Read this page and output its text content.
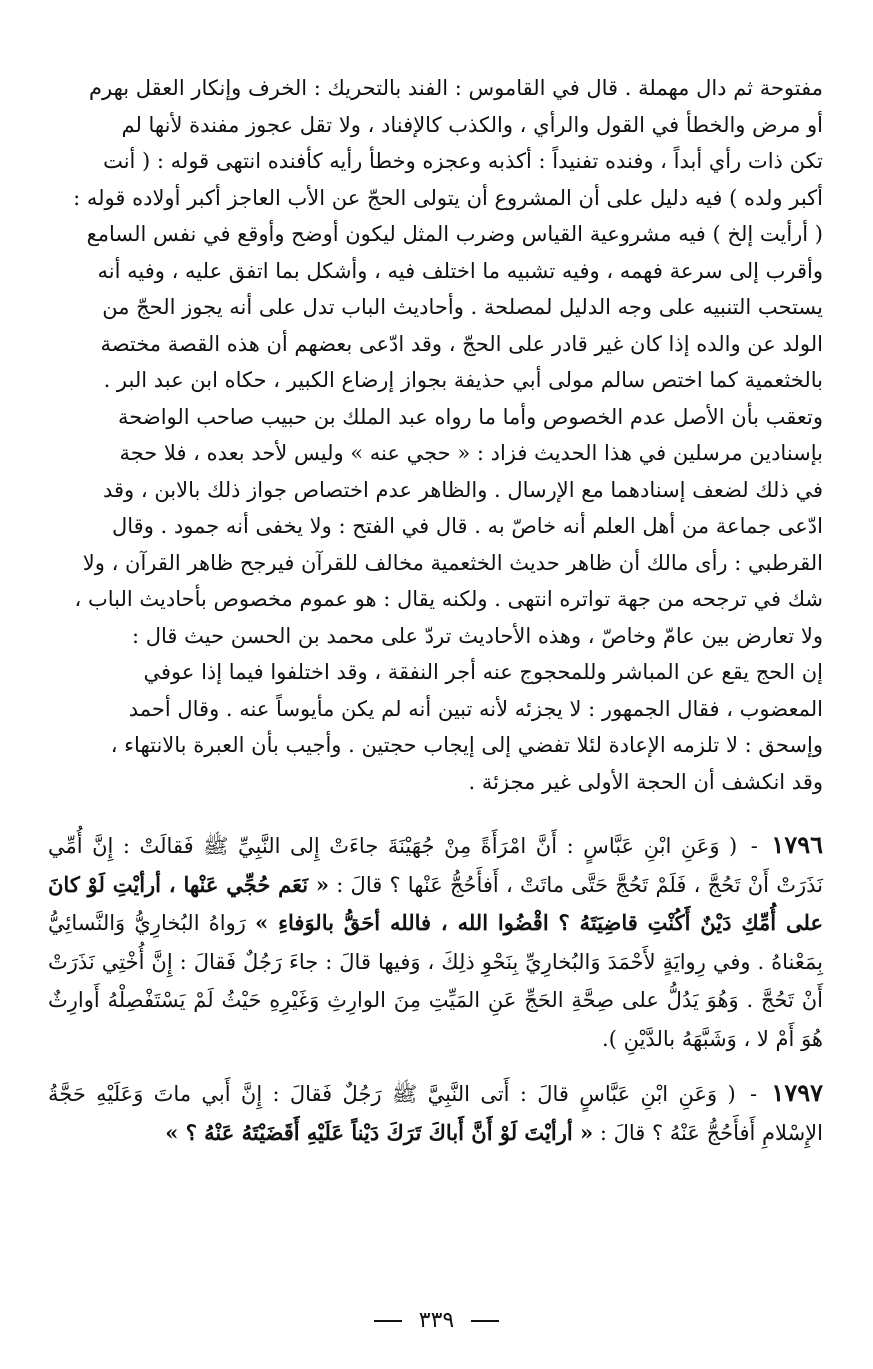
مفتوحة ثم دال مهملة . قال في القاموس : الفند بالتحريك : الخرف وإنكار العقل بهرم

أو مرض والخطأ في القول والرأي ، والكذب كالإفناد ، ولا تقل عجوز مفندة لأنها لم

تكن ذات رأي أبداً ، وفنده تفنيداً : أكذبه وعجزه وخطأ رأيه كأفنده انتهى قوله : ( أنت

أكبر ولده ) فيه دليل على أن المشروع أن يتولى الحجّ عن الأب العاجز أكبر أولاده قوله :

( أرأيت إلخ ) فيه مشروعية القياس وضرب المثل ليكون أوضح وأوقع في نفس السامع

وأقرب إلى سرعة فهمه ، وفيه تشبيه ما اختلف فيه ، وأشكل بما اتفق عليه ، وفيه أنه

يستحب التنبيه على وجه الدليل لمصلحة . وأحاديث الباب تدل على أنه يجوز الحجّ من

الولد عن والده إذا كان غير قادر على الحجّ ، وقد ادّعى بعضهم أن هذه القصة مختصة

بالخثعمية كما اختص سالم مولى أبي حذيفة بجواز إرضاع الكبير ، حكاه ابن عبد البر .

وتعقب بأن الأصل عدم الخصوص وأما ما رواه عبد الملك بن حبيب صاحب الواضحة

بإسنادين مرسلين في هذا الحديث فزاد : « حجي عنه » وليس لأحد بعده ، فلا حجة

في ذلك لضعف إسنادهما مع الإرسال . والظاهر عدم اختصاص جواز ذلك بالابن ، وقد

ادّعى جماعة من أهل العلم أنه خاصّ به . قال في الفتح : ولا يخفى أنه جمود . وقال

القرطبي : رأى مالك أن ظاهر حديث الخثعمية مخالف للقرآن فيرجح ظاهر القرآن ، ولا

شك في ترجحه من جهة تواتره انتهى . ولكنه يقال : هو عموم مخصوص بأحاديث الباب ،

ولا تعارض بين عامّ وخاصّ ، وهذه الأحاديث تردّ على محمد بن الحسن حيث قال :

إن الحج يقع عن المباشر وللمحجوج عنه أجر النفقة ، وقد اختلفوا فيما إذا عوفي

المعضوب ، فقال الجمهور : لا يجزئه لأنه تبين أنه لم يكن مأيوساً عنه . وقال أحمد

وإسحق : لا تلزمه الإعادة لئلا تفضي إلى إيجاب حجتين . وأجيب بأن العبرة بالانتهاء ،

وقد انكشف أن الحجة الأولى غير مجزئة .

١٧٩٦ - ( وَعَنِ ابْنِ عَبَّاسٍ : أَنَّ امْرَأَةً مِنْ جُهَيْنَةَ جاءَتْ إِلى النَّبِيِّ ﷺ فَقالَتْ : إِنَّ أُمِّي نَذَرَتْ أَنْ تَحُجَّ ، فَلَمْ تَحُجَّ حَتَّى ماتَتْ ، أَفأَحُجُّ عَنْها ؟ قالَ : « نَعَم حُجِّي عَنْها ، أرأيْتِ لَوْ كانَ على أُمِّكِ دَيْنٌ أَكُنْتِ قاضِيَتَهُ ؟ اقْضُوا الله ، فالله أحَقُّ بالوَفاءِ » رَواهُ البُخارِيُّ وَالنَّسائِيُّ بِمَعْناهُ . وفي رِوايَةٍ لأَحْمَدَ وَالبُخارِيِّ بِنَحْوِ ذلِكَ ، وَفيها قالَ : جاءَ رَجُلٌ فَقالَ : إِنَّ أُخْتِي نَذَرَتْ أَنْ تَحُجَّ . وَهُوَ يَدُلُّ على صِحَّةِ الحَجِّ عَنِ المَيِّتِ مِنَ الوارِثِ وَغَيْرِهِ حَيْثُ لَمْ يَسْتَفْصِلْهُ أَوارِثٌ هُوَ أَمْ لا ، وَشَبَّهَهُ بالدَّيْنِ ).
١٧٩٧ - ( وَعَنِ ابْنِ عَبَّاسٍ قالَ : أَتى النَّبِيَّ ﷺ رَجُلٌ فَقالَ : إِنَّ أَبي ماتَ وَعَلَيْهِ حَجَّةُ الإِسْلامِ أَفأَحُجُّ عَنْهُ ؟ قالَ : « أرأيْتَ لَوْ أَنَّ أَباكَ تَرَكَ دَيْناً عَلَيْهِ أَقَضَيْتَهُ عَنْهُ ؟ »
٣٣٩
